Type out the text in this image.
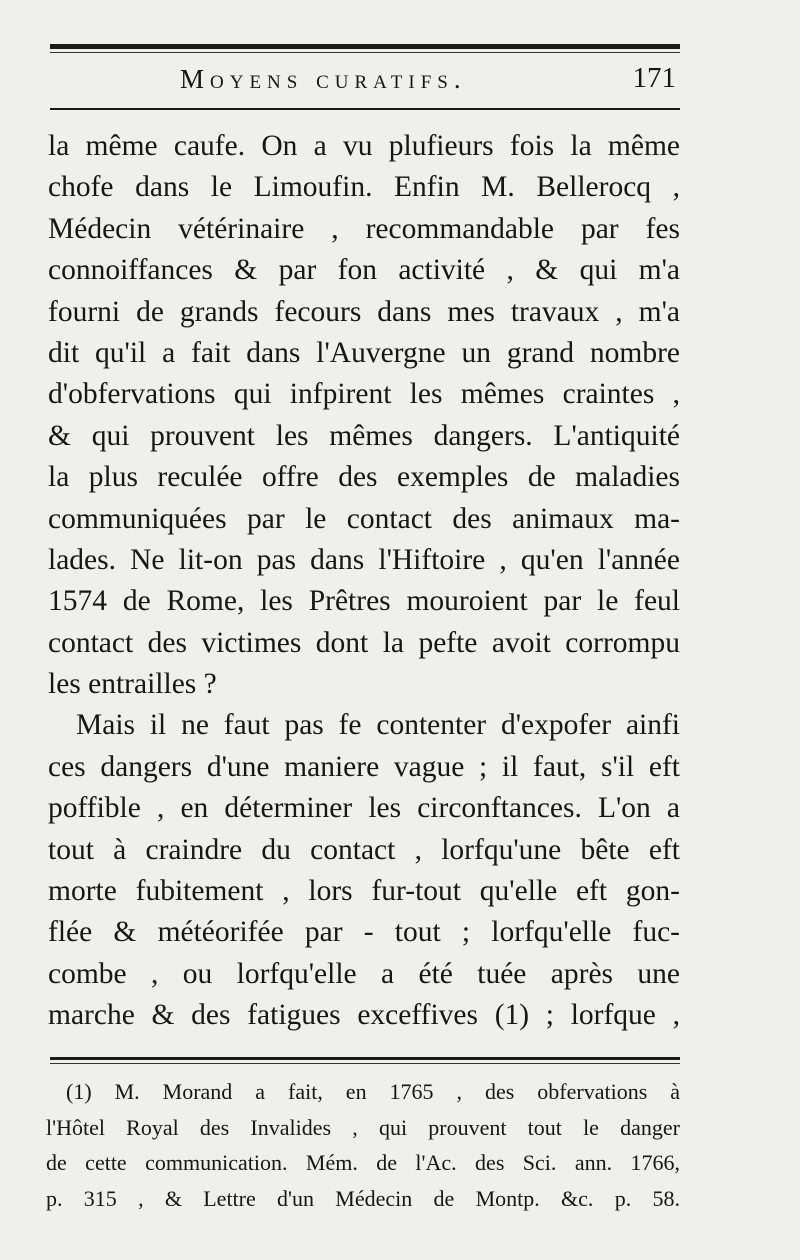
Moyens curatifs.	171
la même caufe. On a vu plufieurs fois la même
chofe dans le Limoufin. Enfin M. Bellerocq ,
Médecin vétérinaire , recommandable par fes
connoiffances & par fon activité , & qui m'a
fourni de grands fecours dans mes travaux , m'a
dit qu'il a fait dans l'Auvergne un grand nombre
d'obfervations qui infpirent les mêmes craintes ,
& qui prouvent les mêmes dangers. L'antiquité
la plus reculée offre des exemples de maladies
communiquées par le contact des animaux ma-
lades. Ne lit-on pas dans l'Hiftoire , qu'en l'année
1574 de Rome, les Prêtres mouroient par le feul
contact des victimes dont la pefte avoit corrompu
les entrailles ?
Mais il ne faut pas fe contenter d'expofer ainfi
ces dangers d'une maniere vague ; il faut, s'il eft
poffible , en déterminer les circonftances. L'on a
tout à craindre du contact , lorfqu'une bête eft
morte fubitement , lors fur-tout qu'elle eft gon-
flée & météorifée par - tout ; lorfqu'elle fuc-
combe , ou lorfqu'elle a été tuée après une
marche & des fatigues exceffives (1) ; lorfque ,
(1) M. Morand a fait, en 1765 , des obfervations à
l'Hôtel Royal des Invalides , qui prouvent tout le danger
de cette communication. Mém. de l'Ac. des Sci. ann. 1766,
p. 315 , & Lettre d'un Médecin de Montp. &c. p. 58.
